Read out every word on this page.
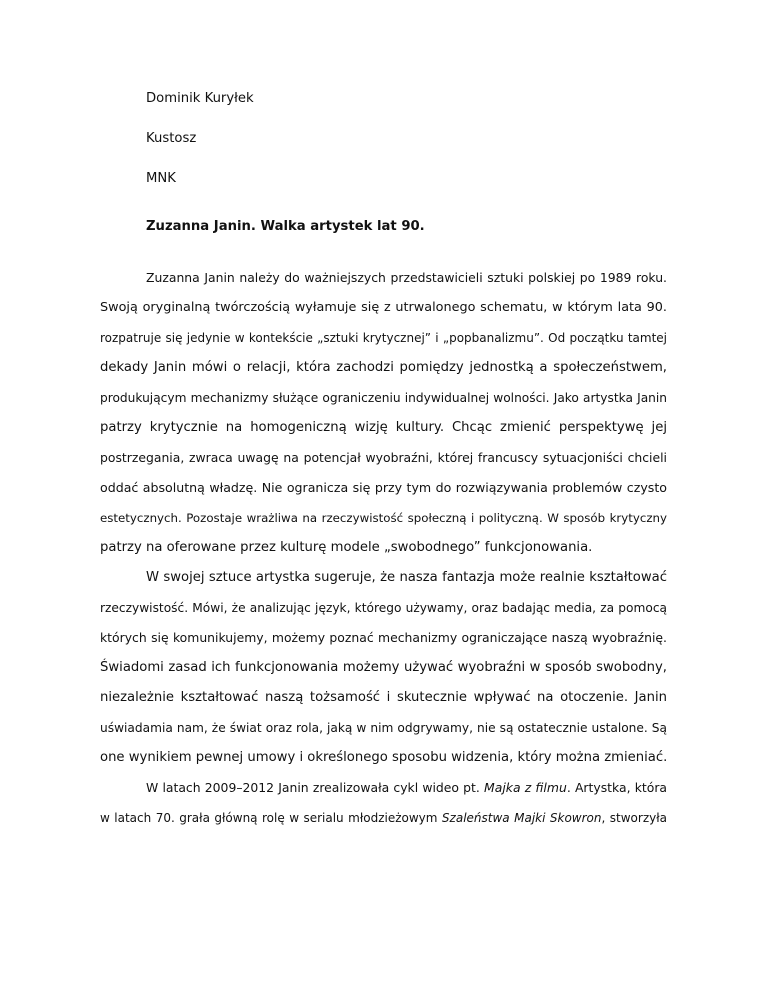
Dominik Kuryłek
Kustosz
MNK
Zuzanna Janin. Walka artystek lat 90.
Zuzanna Janin należy do ważniejszych przedstawicieli sztuki polskiej po 1989 roku.
Swoją oryginalną twórczością wyłamuje się z utrwalonego schematu, w którym lata 90.
rozpatruje się jedynie w kontekście „sztuki krytycznej” i „popbanalizmu”. Od początku tamtej
dekady Janin mówi o relacji, która zachodzi pomiędzy jednostką a społeczeństwem,
produkującym mechanizmy służące ograniczeniu indywidualnej wolności. Jako artystka Janin
patrzy krytycznie na homogeniczną wizję kultury. Chcąc zmienić perspektywę jej
postrzegania, zwraca uwagę na potencjał wyobraźni, której francuscy sytuacjoniści chcieli
oddać absolutną władzę. Nie ogranicza się przy tym do rozwiązywania problemów czysto
estetycznych. Pozostaje wrażliwa na rzeczywistość społeczną i polityczną. W sposób krytyczny
patrzy na oferowane przez kulturę modele „swobodnego” funkcjonowania.
W swojej sztuce artystka sugeruje, że nasza fantazja może realnie kształtować
rzeczywistość. Mówi, że analizując język, którego używamy, oraz badając media, za pomocą
których się komunikujemy, możemy poznać mechanizmy ograniczające naszą wyobraźnię.
Świadomi zasad ich funkcjonowania możemy używać wyobraźni w sposób swobodny,
niezależnie kształtować naszą tożsamość i skutecznie wpływać na otoczenie. Janin
uświadamia nam, że świat oraz rola, jaką w nim odgrywamy, nie są ostatecznie ustalone. Są
one wynikiem pewnej umowy i określonego sposobu widzenia, który można zmieniać.
W latach 2009–2012 Janin zrealizowała cykl wideo pt. Majka z filmu. Artystka, która
w latach 70. grała główną rolę w serialu młodzieżowym Szaleństwa Majki Skowron, stworzyła
